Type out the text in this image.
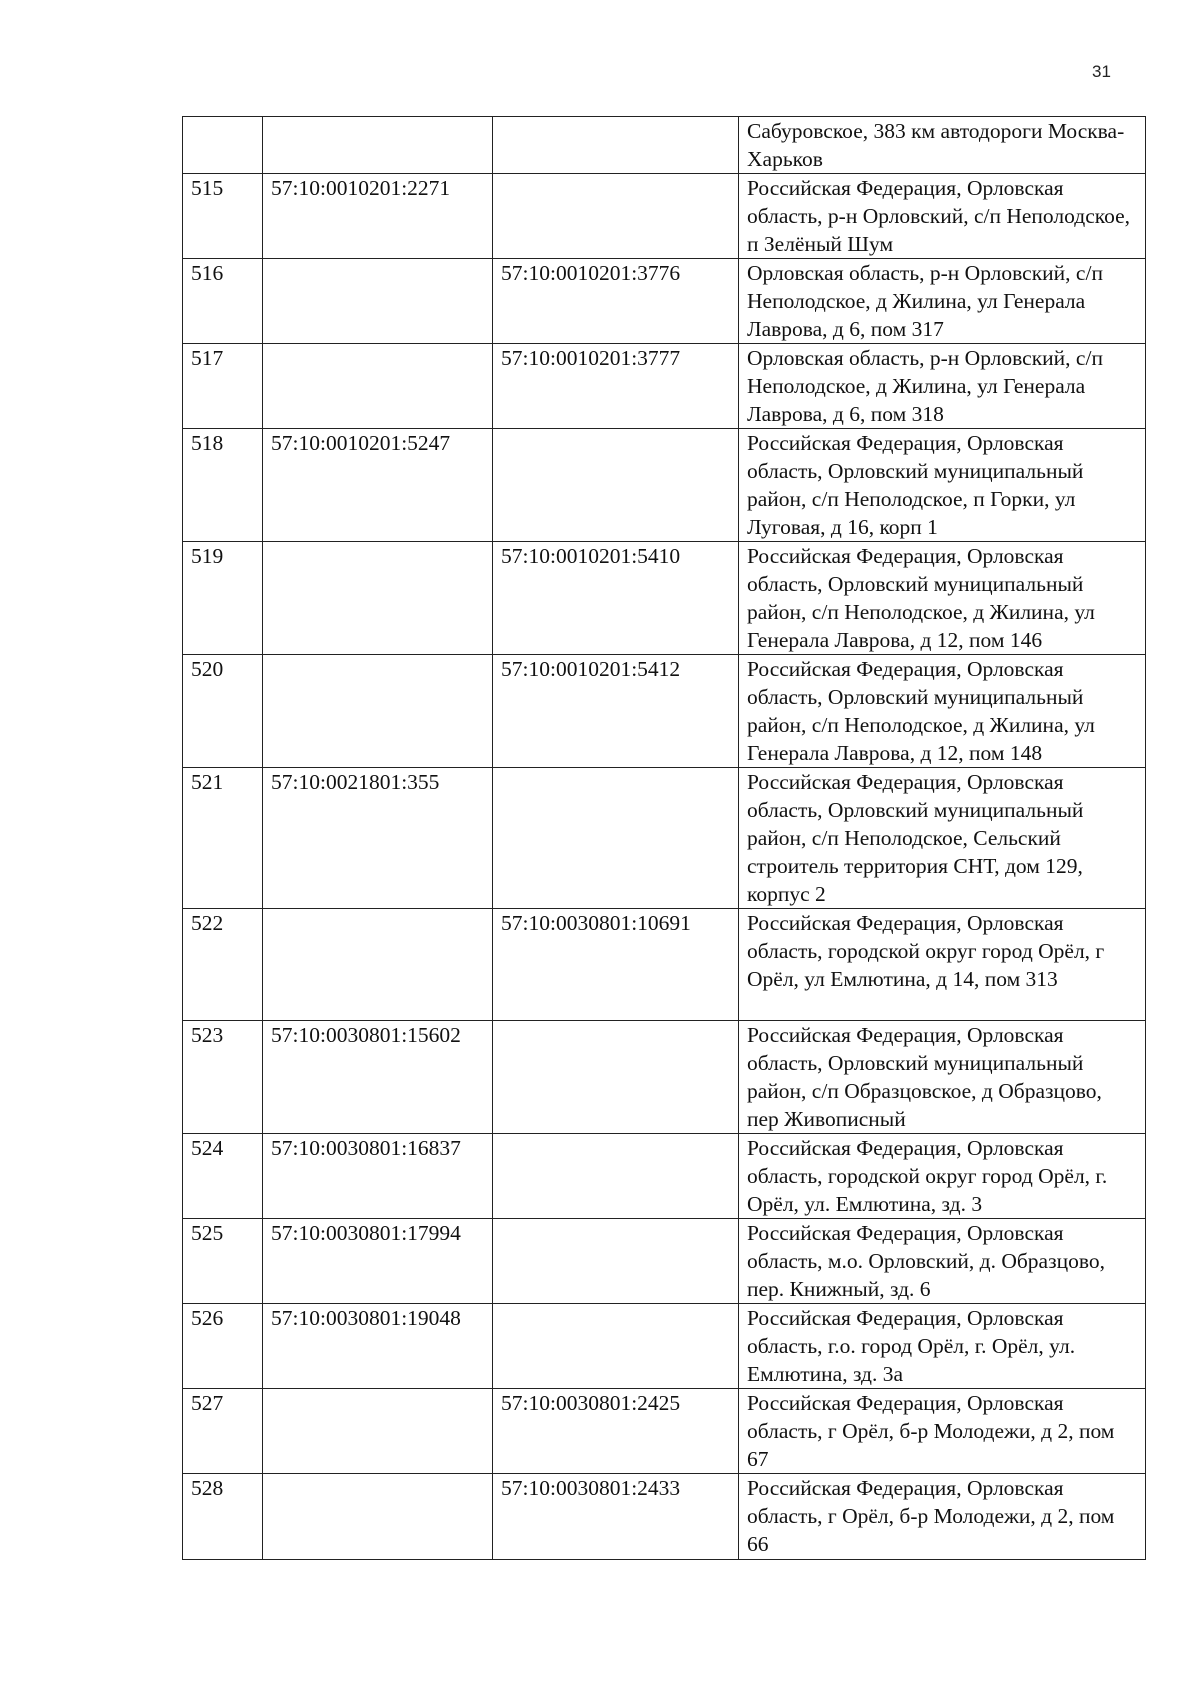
31
			Сабуровское, 383 км автодороги Москва-Харьков
515	57:10:0010201:2271		Российская Федерация, Орловская область, р-н Орловский, с/п Неполодское, п Зелёный Шум
516		57:10:0010201:3776	Орловская область, р-н Орловский, с/п Неполодское, д Жилина, ул Генерала Лаврова, д 6, пом 317
517		57:10:0010201:3777	Орловская область, р-н Орловский, с/п Неполодское, д Жилина, ул Генерала Лаврова, д 6, пом 318
518	57:10:0010201:5247		Российская Федерация, Орловская область, Орловский муниципальный район, с/п Неполодское, п Горки, ул Луговая, д 16, корп 1
519		57:10:0010201:5410	Российская Федерация, Орловская область, Орловский муниципальный район, с/п Неполодское, д Жилина, ул Генерала Лаврова, д 12, пом 146
520		57:10:0010201:5412	Российская Федерация, Орловская область, Орловский муниципальный район, с/п Неполодское, д Жилина, ул Генерала Лаврова, д 12, пом 148
521	57:10:0021801:355		Российская Федерация, Орловская область, Орловский муниципальный район, с/п Неполодское, Сельский строитель территория СНТ, дом 129, корпус 2
522		57:10:0030801:10691	Российская Федерация, Орловская область, городской округ город Орёл, г Орёл, ул Емлютина, д 14, пом 313
523	57:10:0030801:15602		Российская Федерация, Орловская область, Орловский муниципальный район, с/п Образцовское, д Образцово, пер Живописный
524	57:10:0030801:16837		Российская Федерация, Орловская область, городской округ город Орёл, г. Орёл, ул. Емлютина, зд. 3
525	57:10:0030801:17994		Российская Федерация, Орловская область, м.о. Орловский, д. Образцово, пер. Книжный, зд. 6
526	57:10:0030801:19048		Российская Федерация, Орловская область, г.о. город Орёл, г. Орёл, ул. Емлютина, зд. 3а
527		57:10:0030801:2425	Российская Федерация, Орловская область, г Орёл, б-р Молодежи, д 2, пом 67
528		57:10:0030801:2433	Российская Федерация, Орловская область, г Орёл, б-р Молодежи, д 2, пом 66
